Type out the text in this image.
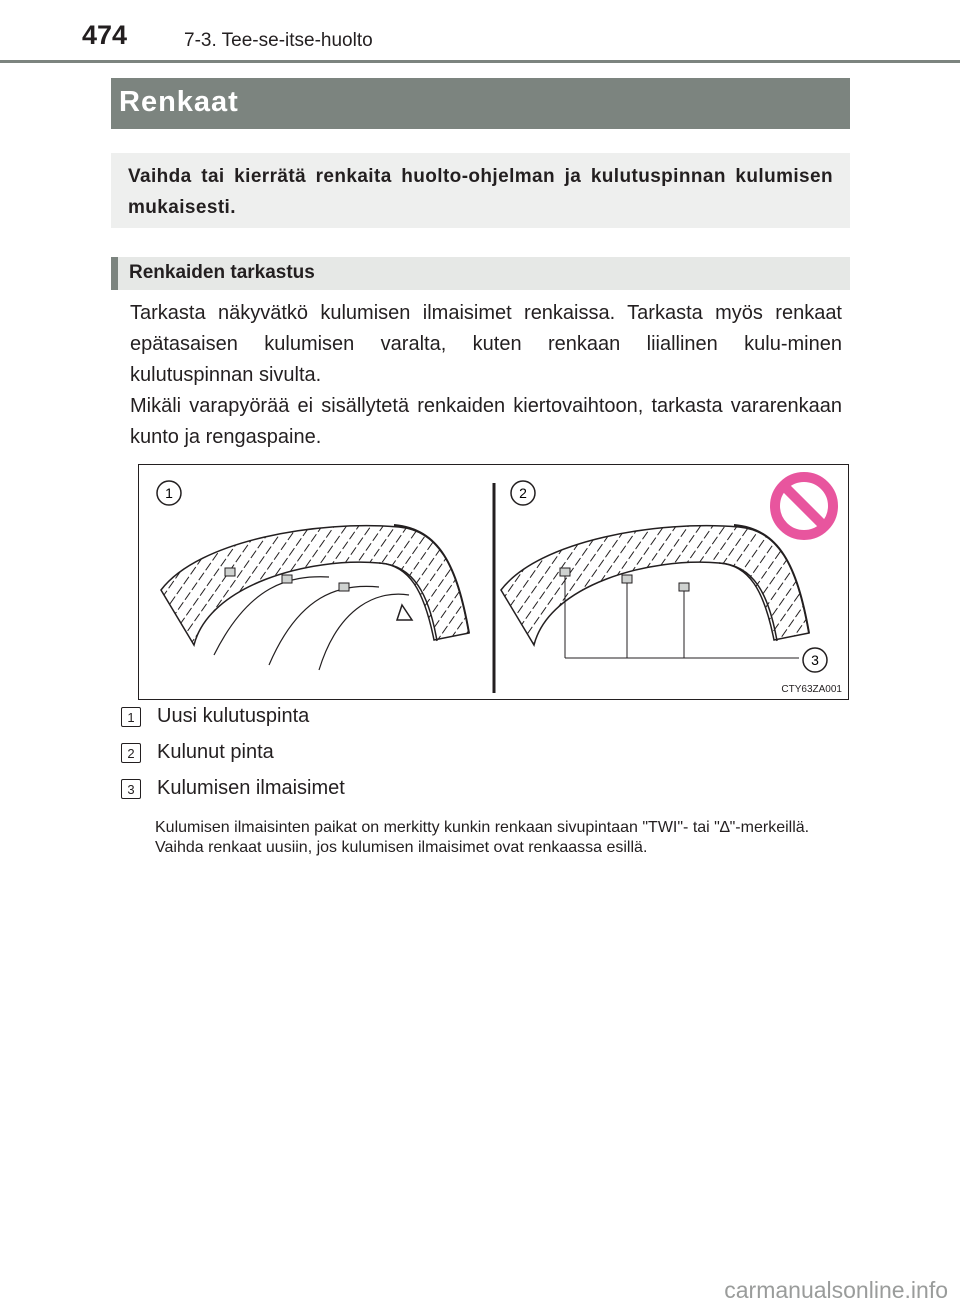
474	7-3. Tee-se-itse-huolto
Renkaat

Vaihda tai kierrätä renkaita huolto-ohjelman ja kulutuspinnan kulumisen mukaisesti.

Renkaiden tarkastus

Tarkasta näkyvätkö kulumisen ilmaisimet renkaissa. Tarkasta myös renkaat epätasaisen kulumisen varalta, kuten renkaan liiallinen kulu-minen kulutuspinnan sivulta.

Mikäli varapyörää ei sisällytetä renkaiden kiertovaihtoon, tarkasta vararenkaan kunto ja rengaspaine.

1	2
3
CTY63ZA001
1	Uusi kulutuspinta
2	Kulunut pinta
3	Kulumisen ilmaisimet

Kulumisen ilmaisinten paikat on merkitty kunkin renkaan sivupintaan "TWI"- tai "∆"-merkeillä.

Vaihda renkaat uusiin, jos kulumisen ilmaisimet ovat renkaassa esillä.

carmanualsonline.info
